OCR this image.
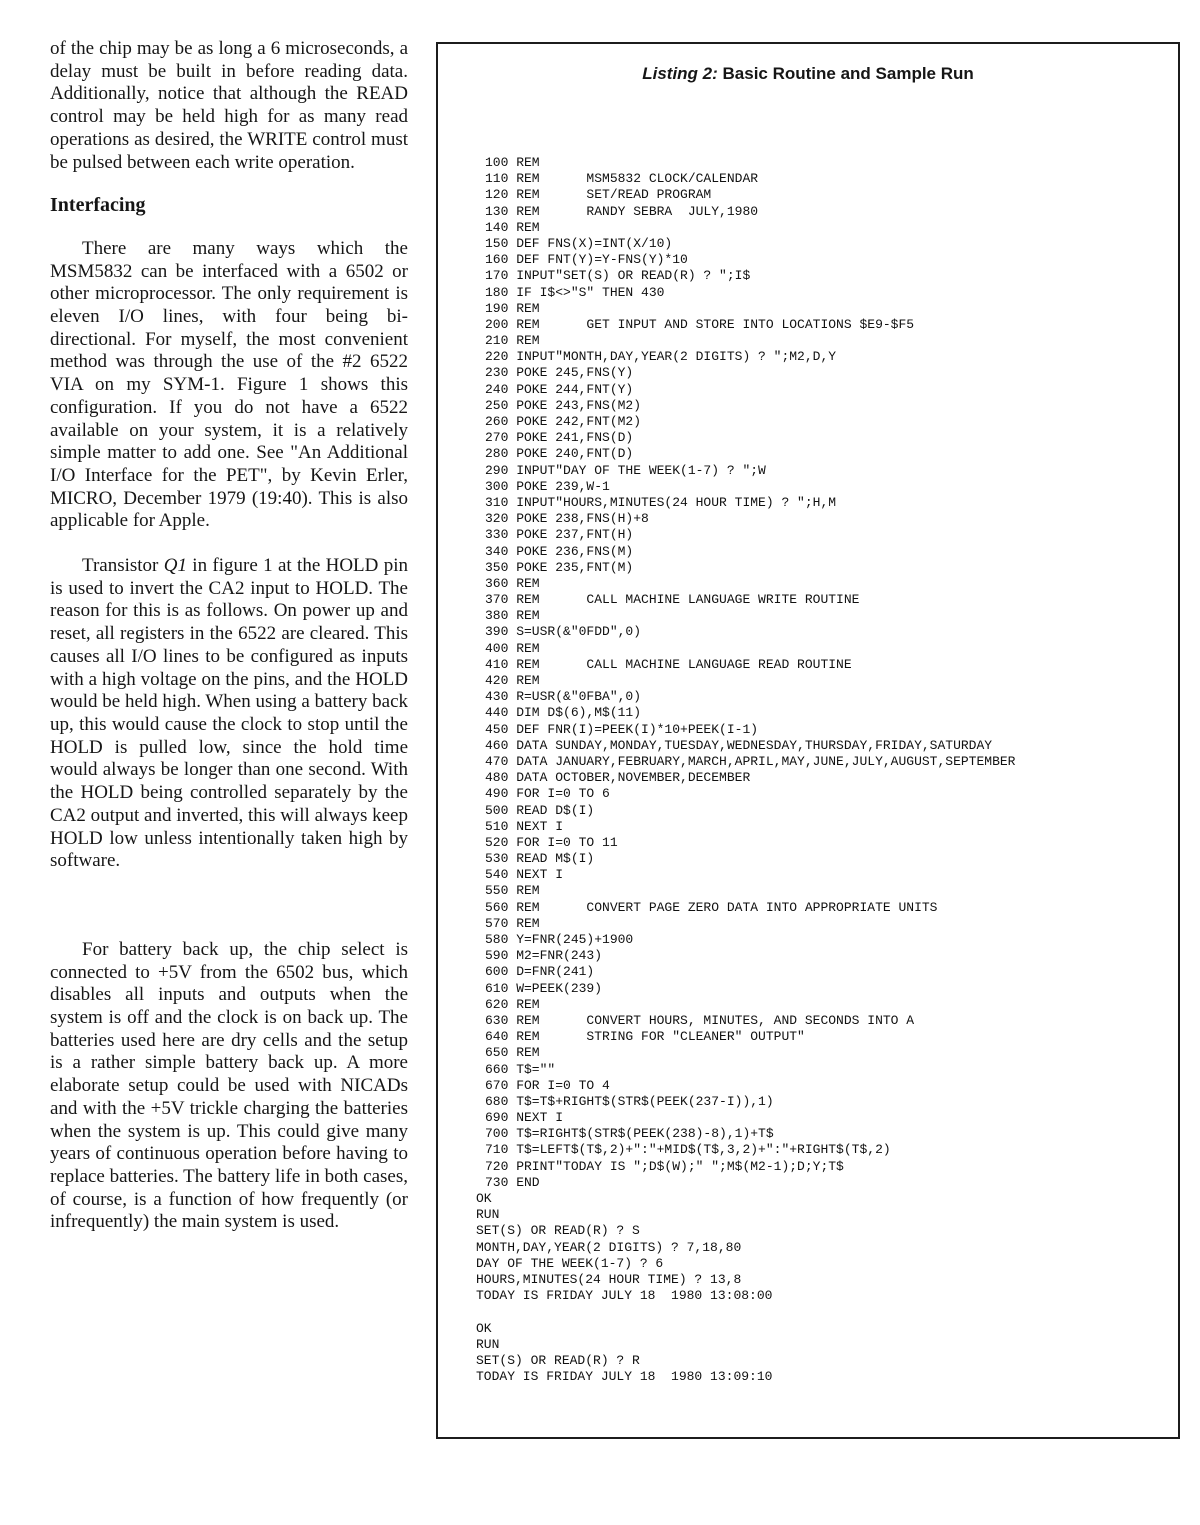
of the chip may be as long a 6 microseconds, a delay must be built in before reading data. Additionally, notice that although the READ control may be held high for as many read operations as desired, the WRITE control must be pulsed between each write operation.

Interfacing

There are many ways which the MSM5832 can be interfaced with a 6502 or other microprocessor. The only requirement is eleven I/O lines, with four being bi-directional. For myself, the most convenient method was through the use of the #2 6522 VIA on my SYM-1. Figure 1 shows this configuration. If you do not have a 6522 available on your system, it is a relatively simple matter to add one. See "An Additional I/O Interface for the PET", by Kevin Erler, MICRO, December 1979 (19:40). This is also applicable for Apple.

Transistor Q1 in figure 1 at the HOLD pin is used to invert the CA2 input to HOLD. The reason for this is as follows. On power up and reset, all registers in the 6522 are cleared. This causes all I/O lines to be configured as inputs with a high voltage on the pins, and the HOLD would be held high. When using a battery back up, this would cause the clock to stop until the HOLD is pulled low, since the hold time would always be longer than one second. With the HOLD being controlled separately by the CA2 output and inverted, this will always keep HOLD low unless intentionally taken high by software.

For battery back up, the chip select is connected to +5V from the 6502 bus, which disables all inputs and outputs when the system is off and the clock is on back up. The batteries used here are dry cells and the setup is a rather simple battery back up. A more elaborate setup could be used with NICADs and with the +5V trickle charging the batteries when the system is up. This could give many years of continuous operation before having to replace batteries. The battery life in both cases, of course, is a function of how frequently (or infrequently) the main system is used.

Listing 2: Basic Routine and Sample Run
100 REM
110 REM      MSM5832 CLOCK/CALENDAR
120 REM      SET/READ PROGRAM
130 REM      RANDY SEBRA  JULY,1980
140 REM
150 DEF FNS(X)=INT(X/10)
160 DEF FNT(Y)=Y-FNS(Y)*10
170 INPUT"SET(S) OR READ(R) ? ";I$
180 IF I$<>"S" THEN 430
190 REM
200 REM      GET INPUT AND STORE INTO LOCATIONS $E9-$F5
210 REM
220 INPUT"MONTH,DAY,YEAR(2 DIGITS) ? ";M2,D,Y
230 POKE 245,FNS(Y)
240 POKE 244,FNT(Y)
250 POKE 243,FNS(M2)
260 POKE 242,FNT(M2)
270 POKE 241,FNS(D)
280 POKE 240,FNT(D)
290 INPUT"DAY OF THE WEEK(1-7) ? ";W
300 POKE 239,W-1
310 INPUT"HOURS,MINUTES(24 HOUR TIME) ? ";H,M
320 POKE 238,FNS(H)+8
330 POKE 237,FNT(H)
340 POKE 236,FNS(M)
350 POKE 235,FNT(M)
360 REM
370 REM      CALL MACHINE LANGUAGE WRITE ROUTINE
380 REM
390 S=USR(&"0FDD",0)
400 REM
410 REM      CALL MACHINE LANGUAGE READ ROUTINE
420 REM
430 R=USR(&"0FBA",0)
440 DIM D$(6),M$(11)
450 DEF FNR(I)=PEEK(I)*10+PEEK(I-1)
460 DATA SUNDAY,MONDAY,TUESDAY,WEDNESDAY,THURSDAY,FRIDAY,SATURDAY
470 DATA JANUARY,FEBRUARY,MARCH,APRIL,MAY,JUNE,JULY,AUGUST,SEPTEMBER
480 DATA OCTOBER,NOVEMBER,DECEMBER
490 FOR I=0 TO 6
500 READ D$(I)
510 NEXT I
520 FOR I=0 TO 11
530 READ M$(I)
540 NEXT I
550 REM
560 REM      CONVERT PAGE ZERO DATA INTO APPROPRIATE UNITS
570 REM
580 Y=FNR(245)+1900
590 M2=FNR(243)
600 D=FNR(241)
610 W=PEEK(239)
620 REM
630 REM      CONVERT HOURS, MINUTES, AND SECONDS INTO A
640 REM      STRING FOR "CLEANER" OUTPUT"
650 REM
660 T$=""
670 FOR I=0 TO 4
680 T$=T$+RIGHT$(STR$(PEEK(237-I)),1)
690 NEXT I
700 T$=RIGHT$(STR$(PEEK(238)-8),1)+T$
710 T$=LEFT$(T$,2)+":"+MID$(T$,3,2)+":"+RIGHT$(T$,2)
720 PRINT"TODAY IS ";D$(W);" ";M$(M2-1);D;Y;T$
730 END
OK
RUN
SET(S) OR READ(R) ? S
MONTH,DAY,YEAR(2 DIGITS) ? 7,18,80
DAY OF THE WEEK(1-7) ? 6
HOURS,MINUTES(24 HOUR TIME) ? 13,8
TODAY IS FRIDAY JULY 18  1980 13:08:00
OK
RUN
SET(S) OR READ(R) ? R
TODAY IS FRIDAY JULY 18  1980 13:09:10
